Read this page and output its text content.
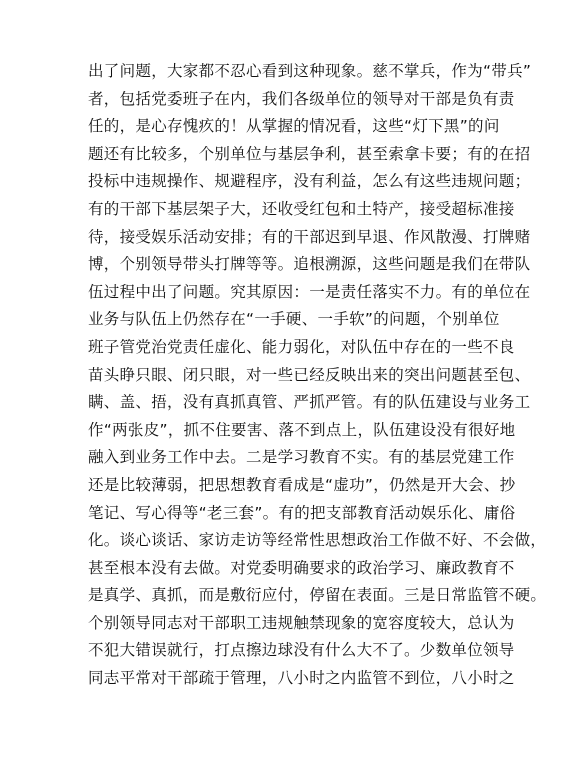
出了问题，大家都不忍心看到这种现象。慈不掌兵，作为“带兵”
者，包括党委班子在内，我们各级单位的领导对干部是负有责
任的，是心存愧疚的！从掌握的情况看，这些“灯下黑”的问
题还有比较多，个别单位与基层争利，甚至索拿卡要；有的在招
投标中违规操作、规避程序，没有利益，怎么有这些违规问题；
有的干部下基层架子大，还收受红包和土特产，接受超标准接
待，接受娱乐活动安排；有的干部迟到早退、作风散漫、打牌赌
博，个别领导带头打牌等等。追根溯源，这些问题是我们在带队
伍过程中出了问题。究其原因：一是责任落实不力。有的单位在
业务与队伍上仍然存在“一手硬、一手软”的问题，个别单位
班子管党治党责任虚化、能力弱化，对队伍中存在的一些不良
苗头睁只眼、闭只眼，对一些已经反映出来的突出问题甚至包、
瞒、盖、捂，没有真抓真管、严抓严管。有的队伍建设与业务工
作“两张皮”，抓不住要害、落不到点上，队伍建设没有很好地
融入到业务工作中去。二是学习教育不实。有的基层党建工作
还是比较薄弱，把思想教育看成是“虚功”，仍然是开大会、抄
笔记、写心得等“老三套”。有的把支部教育活动娱乐化、庸俗
化。谈心谈话、家访走访等经常性思想政治工作做不好、不会做，
甚至根本没有去做。对党委明确要求的政治学习、廉政教育不
是真学、真抓，而是敷衍应付，停留在表面。三是日常监管不硬。
个别领导同志对干部职工违规触禁现象的宽容度较大，总认为
不犯大错误就行，打点擦边球没有什么大不了。少数单位领导
同志平常对干部疏于管理，八小时之内监管不到位，八小时之
